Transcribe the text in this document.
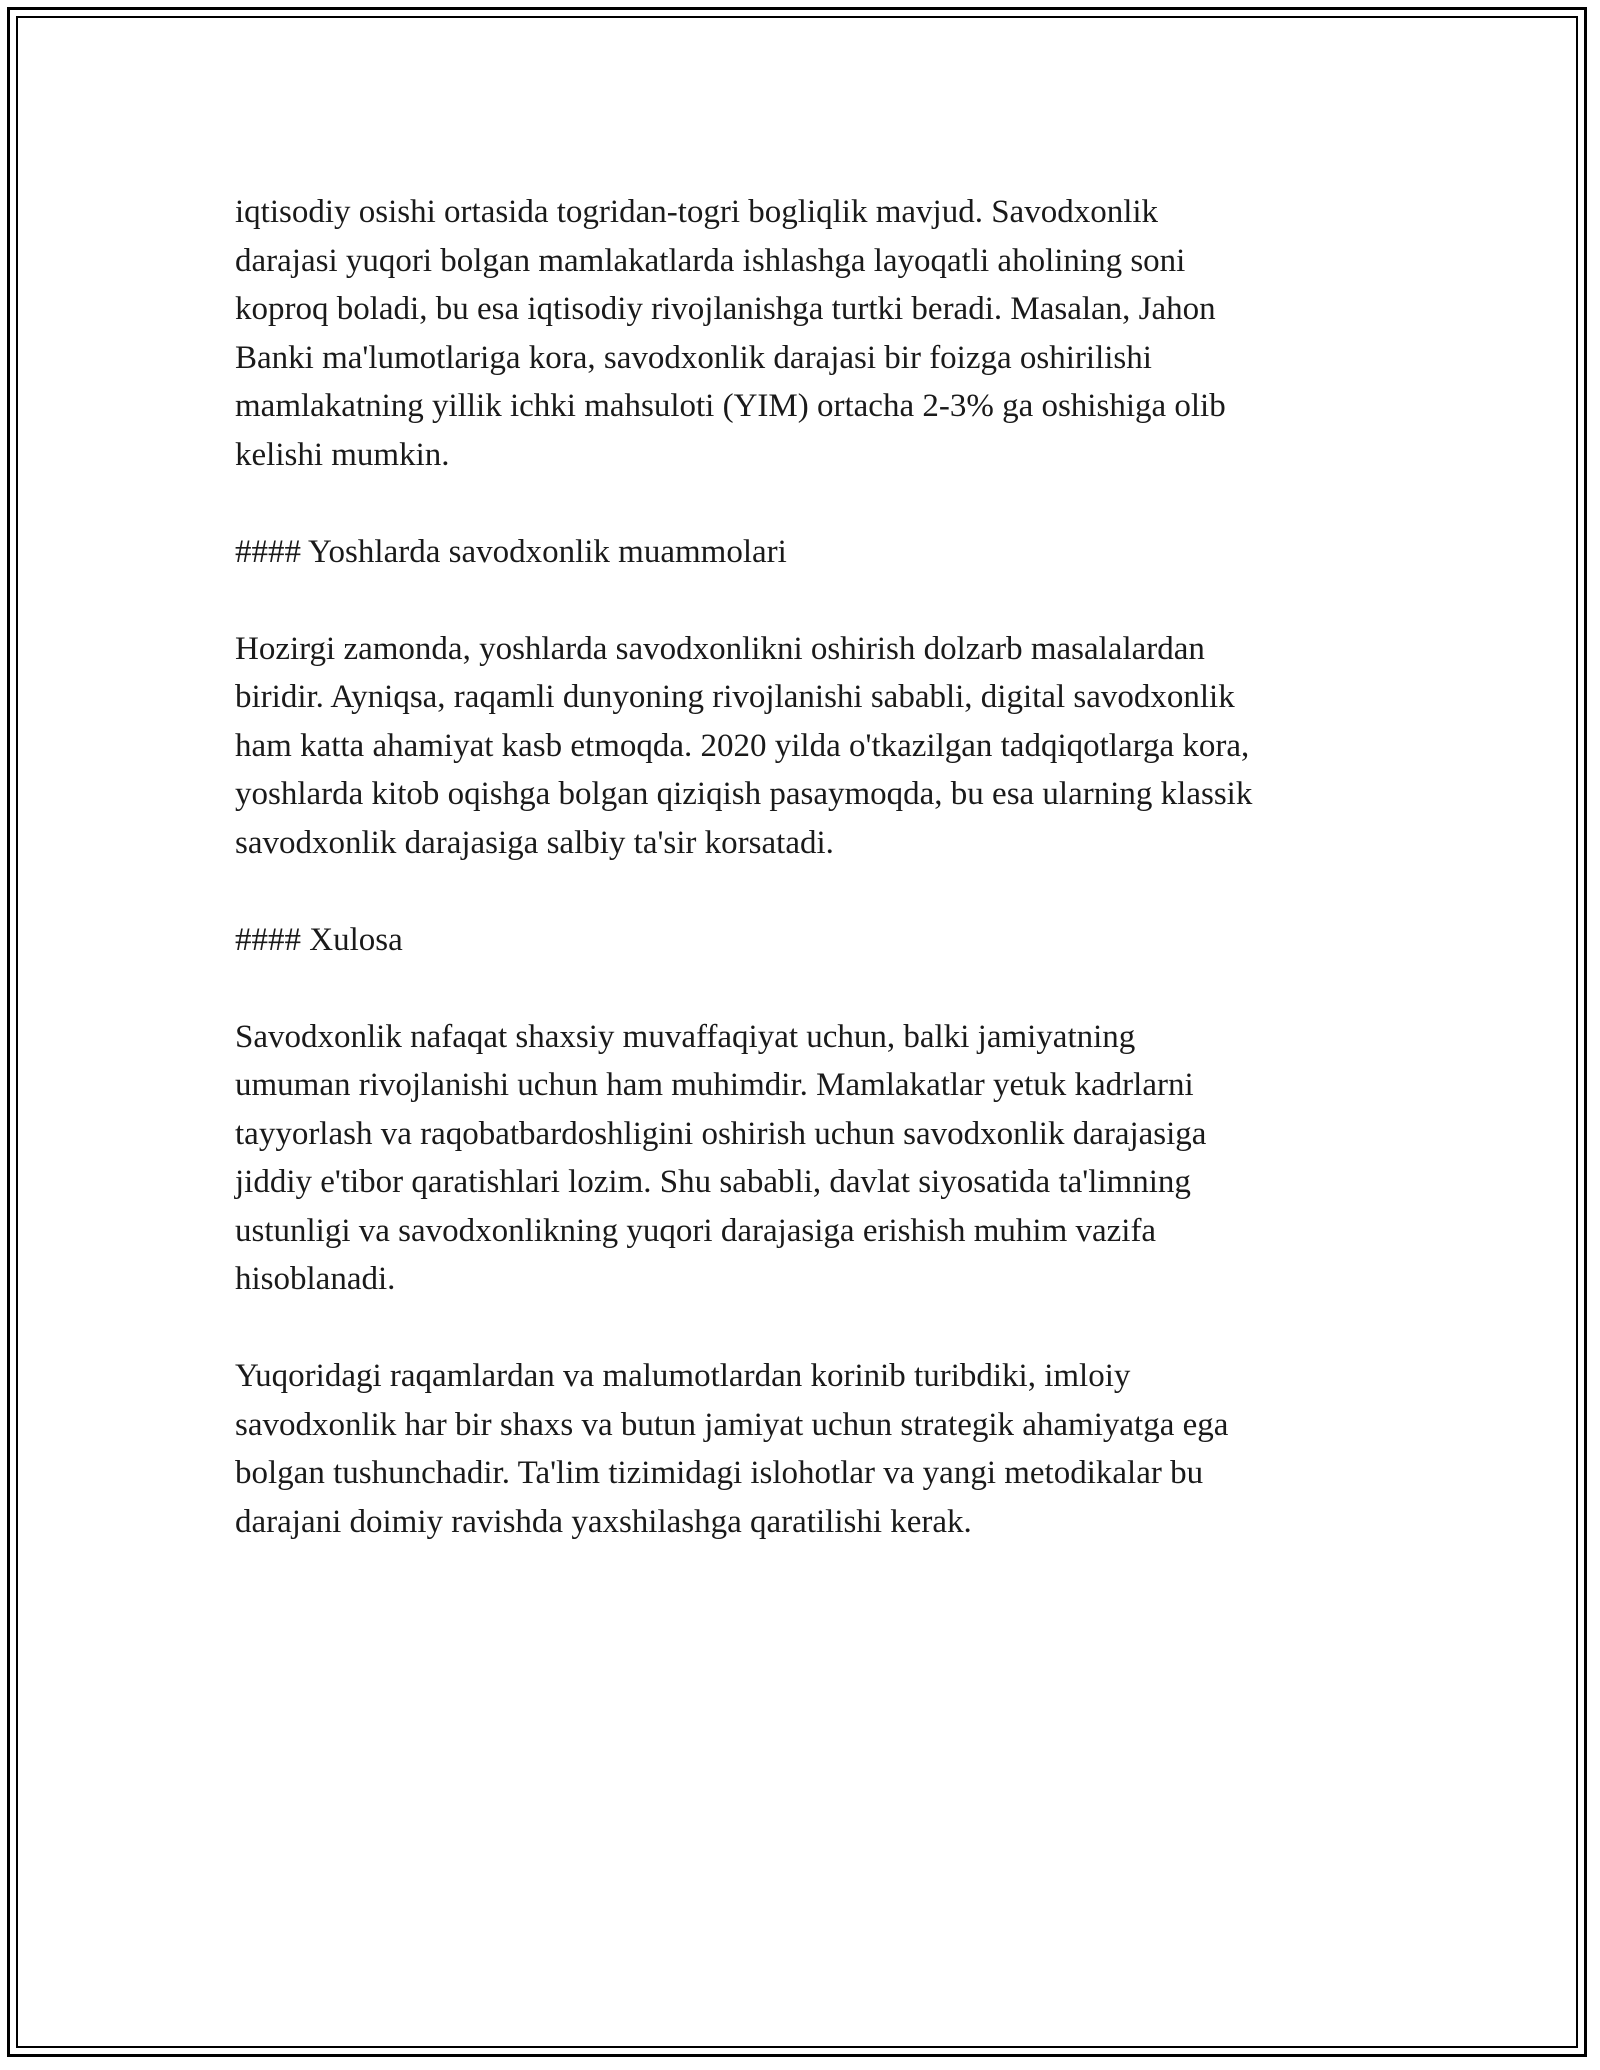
iqtisodiy osishi ortasida togridan-togri bogliqlik mavjud. Savodxonlik
darajasi yuqori bolgan mamlakatlarda ishlashga layoqatli aholining soni
koproq boladi, bu esa iqtisodiy rivojlanishga turtki beradi. Masalan, Jahon
Banki ma'lumotlariga kora, savodxonlik darajasi bir foizga oshirilishi
mamlakatning yillik ichki mahsuloti (YIM) ortacha 2-3% ga oshishiga olib
kelishi mumkin.

#### Yoshlarda savodxonlik muammolari

Hozirgi zamonda, yoshlarda savodxonlikni oshirish dolzarb masalalardan
biridir. Ayniqsa, raqamli dunyoning rivojlanishi sababli, digital savodxonlik
ham katta ahamiyat kasb etmoqda. 2020 yilda o'tkazilgan tadqiqotlarga kora,
yoshlarda kitob oqishga bolgan qiziqish pasaymoqda, bu esa ularning klassik
savodxonlik darajasiga salbiy ta'sir korsatadi.

#### Xulosa

Savodxonlik nafaqat shaxsiy muvaffaqiyat uchun, balki jamiyatning
umuman rivojlanishi uchun ham muhimdir. Mamlakatlar yetuk kadrlarni
tayyorlash va raqobatbardoshligini oshirish uchun savodxonlik darajasiga
jiddiy e'tibor qaratishlari lozim. Shu sababli, davlat siyosatida ta'limning
ustunligi va savodxonlikning yuqori darajasiga erishish muhim vazifa
hisoblanadi.

Yuqoridagi raqamlardan va malumotlardan korinib turibdiki, imloiy
savodxonlik har bir shaxs va butun jamiyat uchun strategik ahamiyatga ega
bolgan tushunchadir. Ta'lim tizimidagi islohotlar va yangi metodikalar bu
darajani doimiy ravishda yaxshilashga qaratilishi kerak.
